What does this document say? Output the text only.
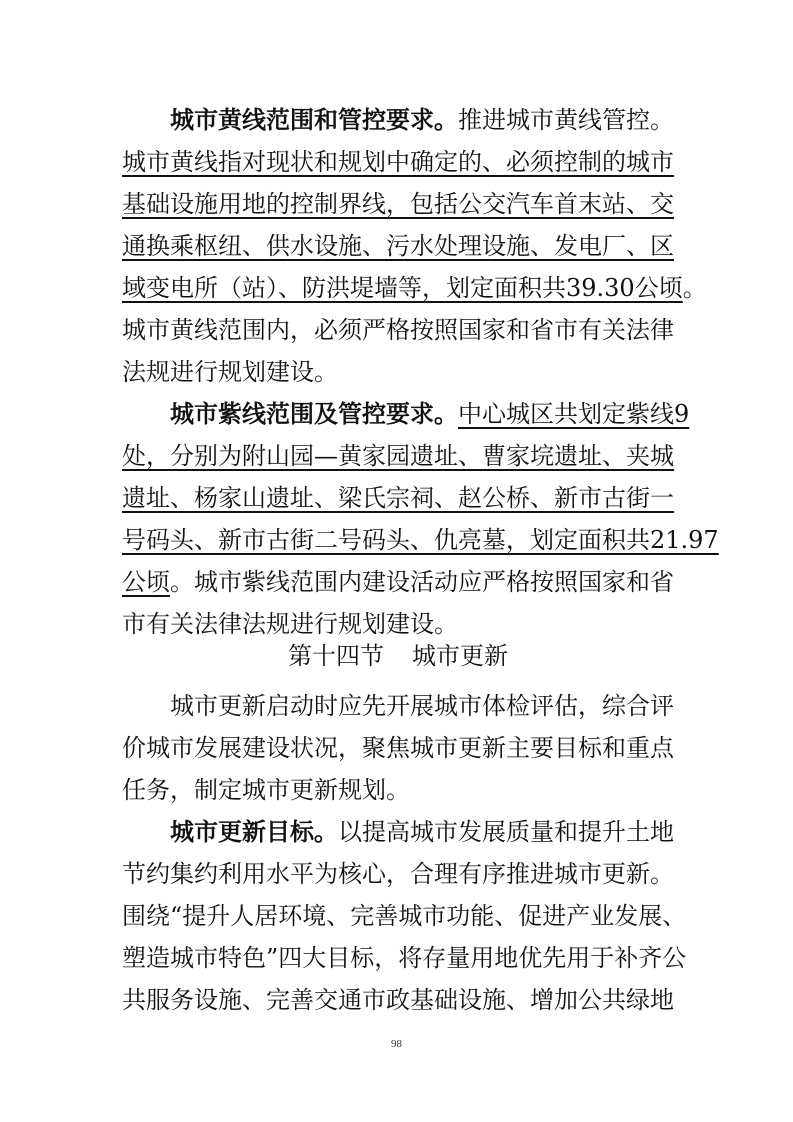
城市黄线范围和管控要求。推进城市黄线管控。
城市黄线指对现状和规划中确定的、必须控制的城市
基础设施用地的控制界线，包括公交汽车首末站、交
通换乘枢纽、供水设施、污水处理设施、发电厂、区
域变电所（站）、防洪堤墙等，划定面积共39.30公顷。
城市黄线范围内，必须严格按照国家和省市有关法律
法规进行规划建设。
城市紫线范围及管控要求。中心城区共划定紫线9
处，分别为附山园—黄家园遗址、曹家垸遗址、夹城
遗址、杨家山遗址、梁氏宗祠、赵公桥、新市古街一
号码头、新市古街二号码头、仇亮墓，划定面积共21.97
公顷。城市紫线范围内建设活动应严格按照国家和省
市有关法律法规进行规划建设。
第十四节 城市更新
城市更新启动时应先开展城市体检评估，综合评
价城市发展建设状况，聚焦城市更新主要目标和重点
任务，制定城市更新规划。
城市更新目标。以提高城市发展质量和提升土地
节约集约利用水平为核心，合理有序推进城市更新。
围绕“提升人居环境、完善城市功能、促进产业发展、
塑造城市特色”四大目标，将存量用地优先用于补齐公
共服务设施、完善交通市政基础设施、增加公共绿地
98
